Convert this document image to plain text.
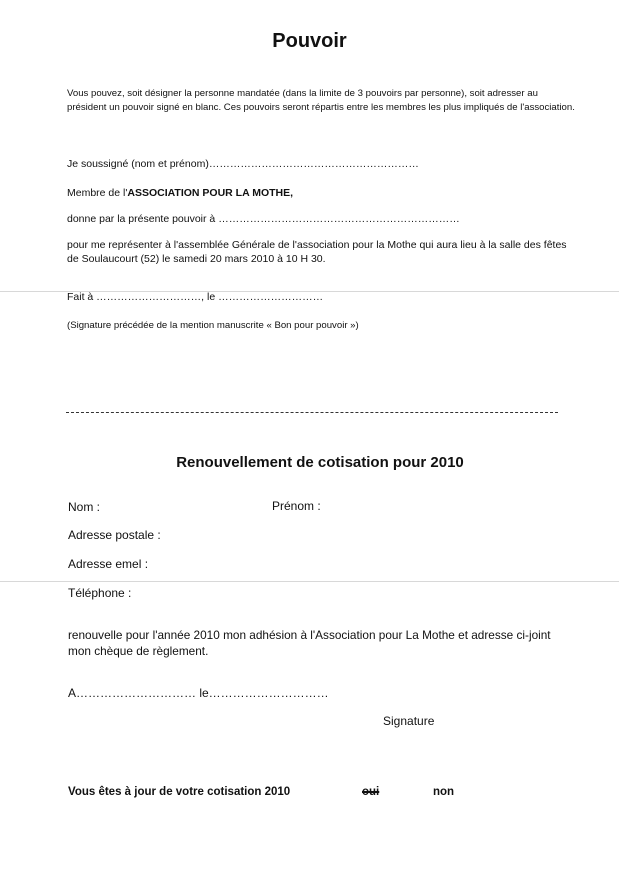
Pouvoir
Vous pouvez, soit désigner la personne mandatée (dans la limite de 3 pouvoirs par personne), soit adresser au président un pouvoir signé en blanc. Ces pouvoirs seront répartis entre les membres les plus impliqués de l'association.
Je soussigné (nom et prénom)……………………………………………………
Membre de l'ASSOCIATION POUR LA MOTHE,
donne par la présente pouvoir à ……………………………………………………………
pour me représenter à l'assemblée Générale de l'association pour la Mothe qui aura lieu à la salle des fêtes de Soulaucourt (52) le samedi 20 mars 2010 à 10 H 30.
Fait à …………………………, le …………………………
(Signature précédée de la mention manuscrite « Bon pour pouvoir »)
Renouvellement de cotisation pour 2010
Nom :	Prénom :
Adresse postale :
Adresse emel :
Téléphone :
renouvelle pour l'année 2010 mon adhésion à l'Association pour La Mothe et adresse ci-joint mon chèque de règlement.
A………………………… le…………………………
Signature
Vous êtes à jour de votre cotisation 2010	oui	non
